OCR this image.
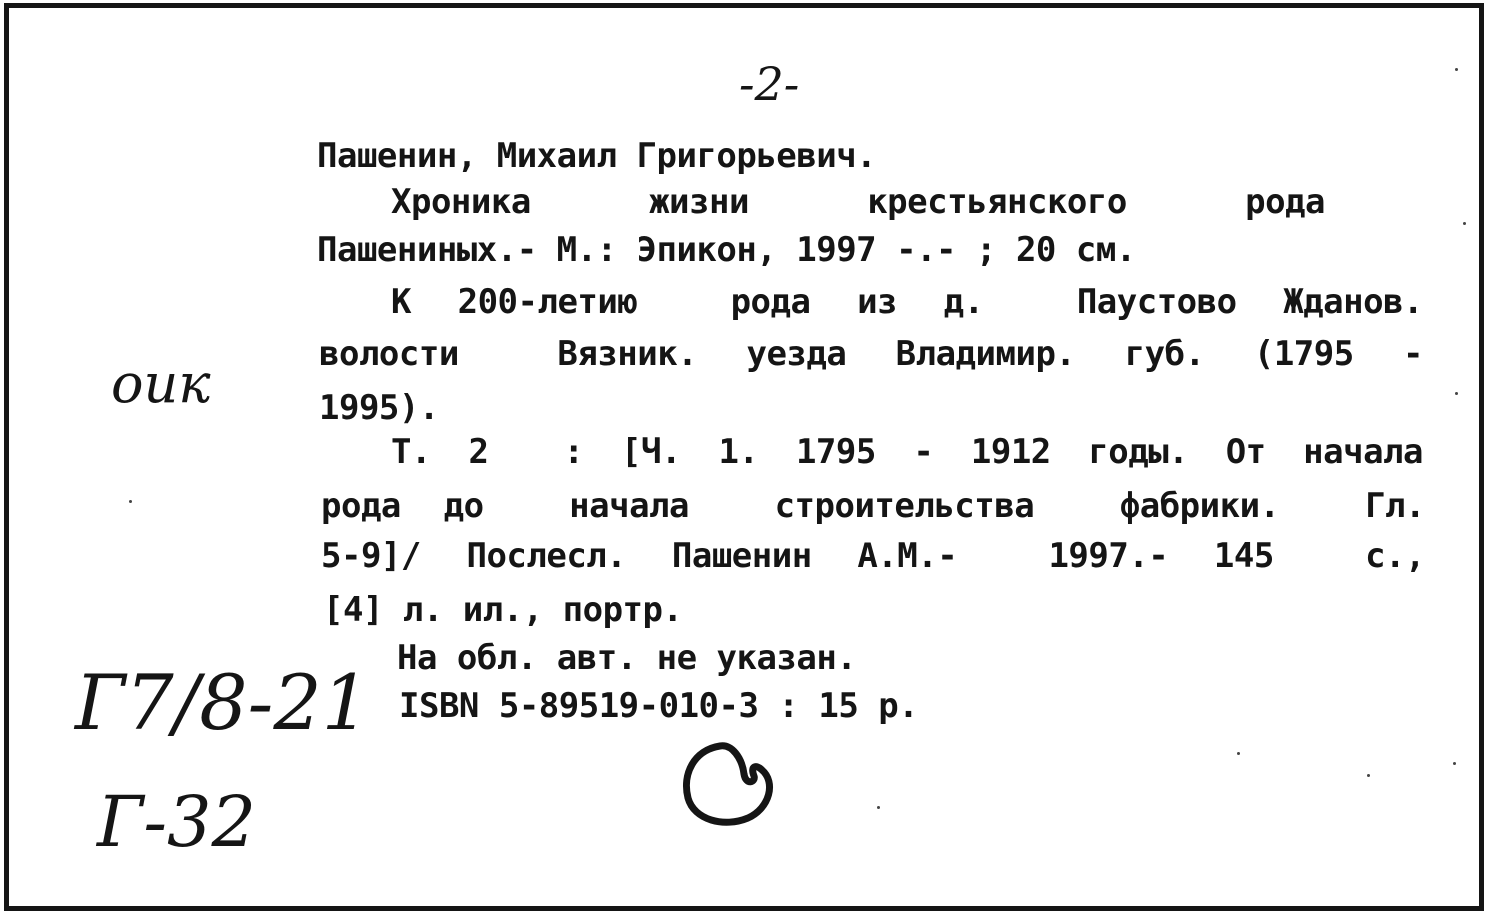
-2-

Пашенин, Михаил Григорьевич.

Хроника  жизни  крестьянского  рода

Пашениных.- М.: Эпикон, 1997 -.- ; 20 см.

К 200-летию  рода из д.  Паустово Жданов.

волости  Вязник. уезда Владимир. губ. (1795 -

1995).

Т. 2  : [Ч. 1. 1795 - 1912 годы. От начала

рода до  начала  строительства  фабрики.  Гл.

5-9]/ Послесл. Пашенин А.М.-  1997.- 145  с.,

[4] л. ил., портр.

На обл. авт. не указан.

ISBN 5-89519-010-3 : 15 р.

оик

Г7/8-21

Г-32
